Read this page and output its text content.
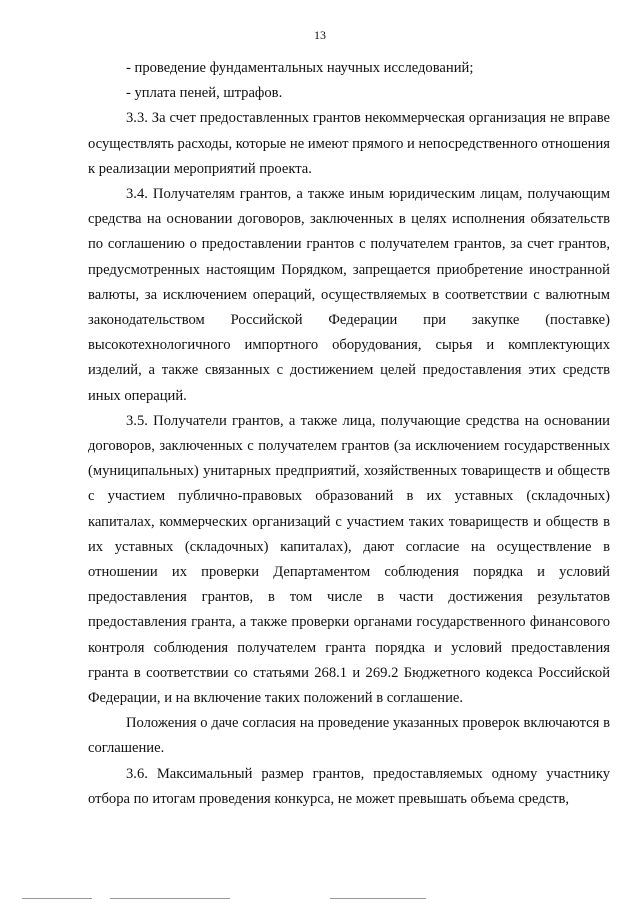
13

- проведение фундаментальных научных исследований;

- уплата пеней, штрафов.

3.3. За счет предоставленных грантов некоммерческая организация не вправе осуществлять расходы, которые не имеют прямого и непосредственного отношения к реализации мероприятий проекта.

3.4. Получателям грантов, а также иным юридическим лицам, получающим средства на основании договоров, заключенных в целях исполнения обязательств по соглашению о предоставлении грантов с получателем грантов, за счет грантов, предусмотренных настоящим Порядком, запрещается приобретение иностранной валюты, за исключением операций, осуществляемых в соответствии с валютным законодательством Российской Федерации при закупке (поставке) высокотехнологичного импортного оборудования, сырья и комплектующих изделий, а также связанных с достижением целей предоставления этих средств иных операций.

3.5. Получатели грантов, а также лица, получающие средства на основании договоров, заключенных с получателем грантов (за исключением государственных (муниципальных) унитарных предприятий, хозяйственных товариществ и обществ с участием публично-правовых образований в их уставных (складочных) капиталах, коммерческих организаций с участием таких товариществ и обществ в их уставных (складочных) капиталах), дают согласие на осуществление в отношении их проверки Департаментом соблюдения порядка и условий предоставления грантов, в том числе в части достижения результатов предоставления гранта, а также проверки органами государственного финансового контроля соблюдения получателем гранта порядка и условий предоставления гранта в соответствии со статьями 268.1 и 269.2 Бюджетного кодекса Российской Федерации, и на включение таких положений в соглашение.

Положения о даче согласия на проведение указанных проверок включаются в соглашение.

3.6. Максимальный размер грантов, предоставляемых одному участнику отбора по итогам проведения конкурса, не может превышать объема средств,
